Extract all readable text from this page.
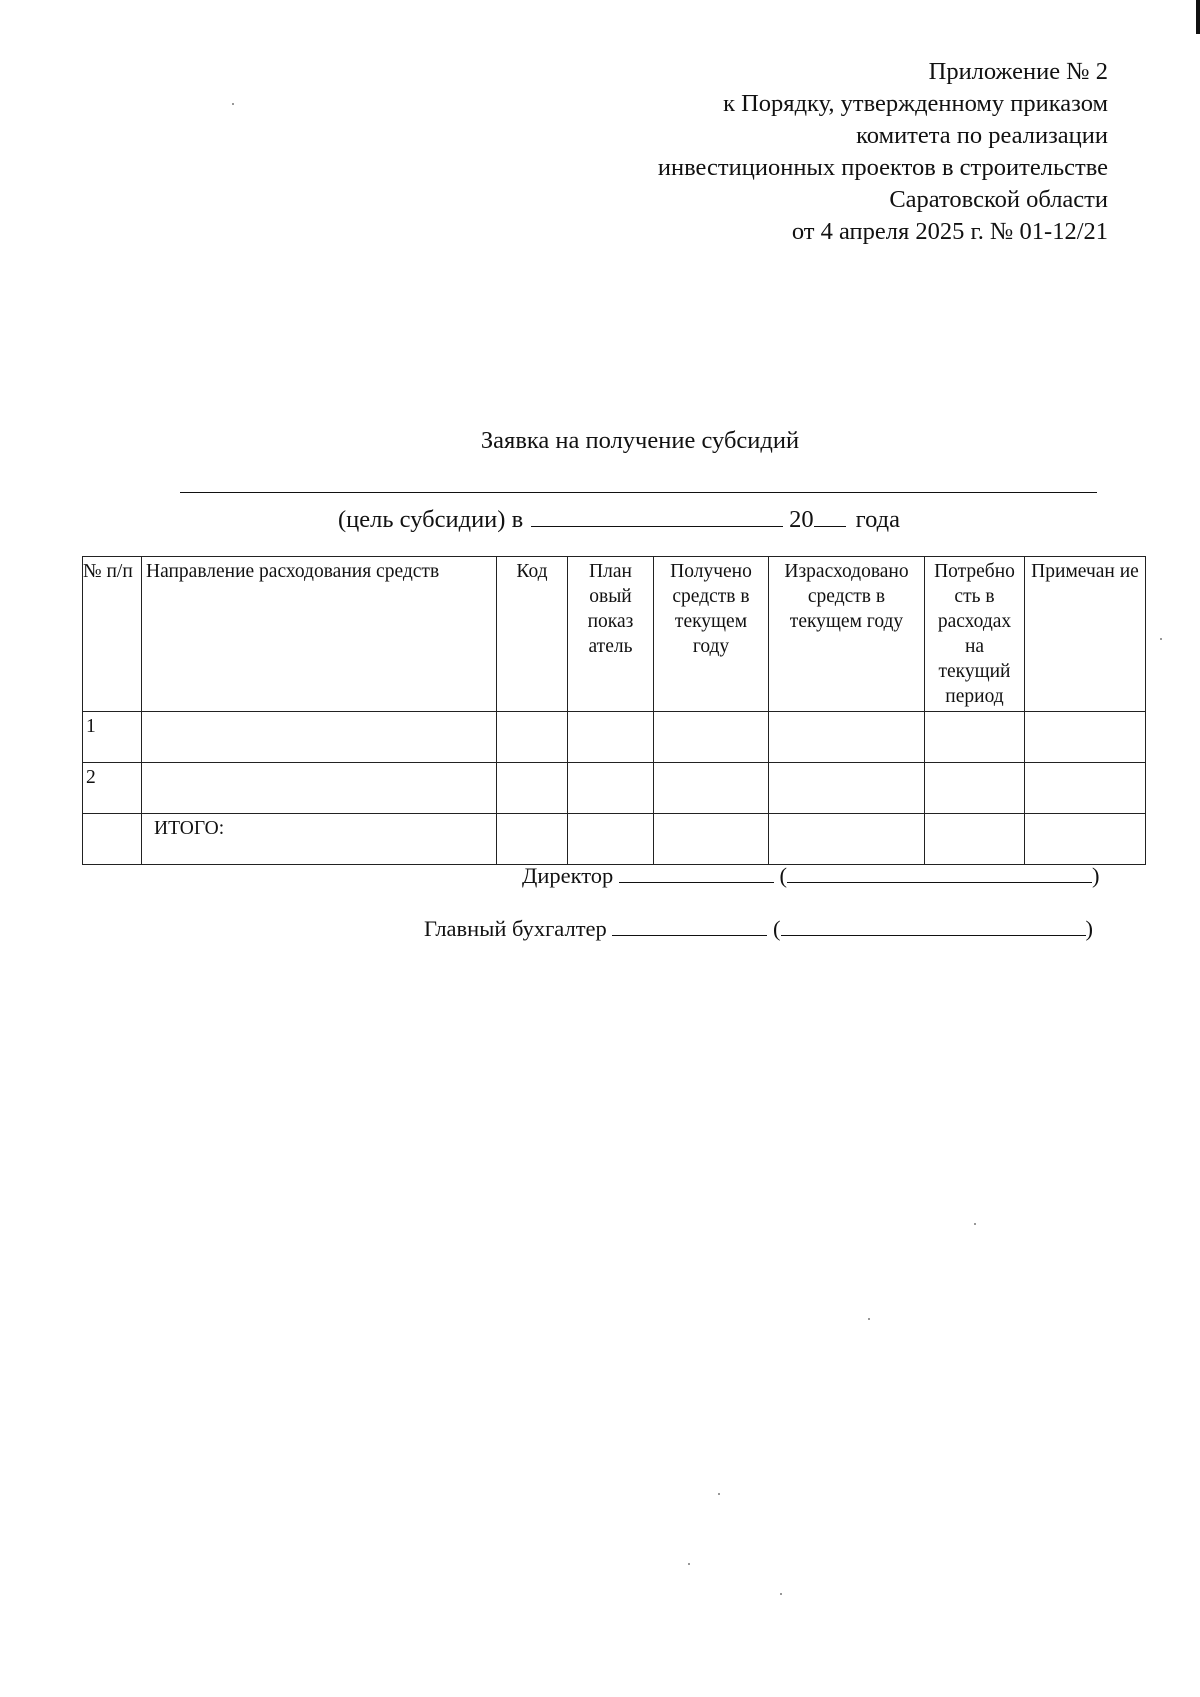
Приложение № 2
к Порядку, утвержденному приказом
комитета по реализации
инвестиционных проектов в строительстве
Саратовской области
от 4 апреля 2025 г. № 01-12/21
Заявка на получение субсидий
(цель субсидии) в	20 года
№ п/п	Направление расходования средств	Код	План овый показ атель	Получено средств в текущем году	Израсходовано средств в текущем году	Потребно сть в расходах на текущий период	Примечан ие
1							
2							
	ИТОГО:						
Директор	(	)
Главный бухгалтер	(	)
